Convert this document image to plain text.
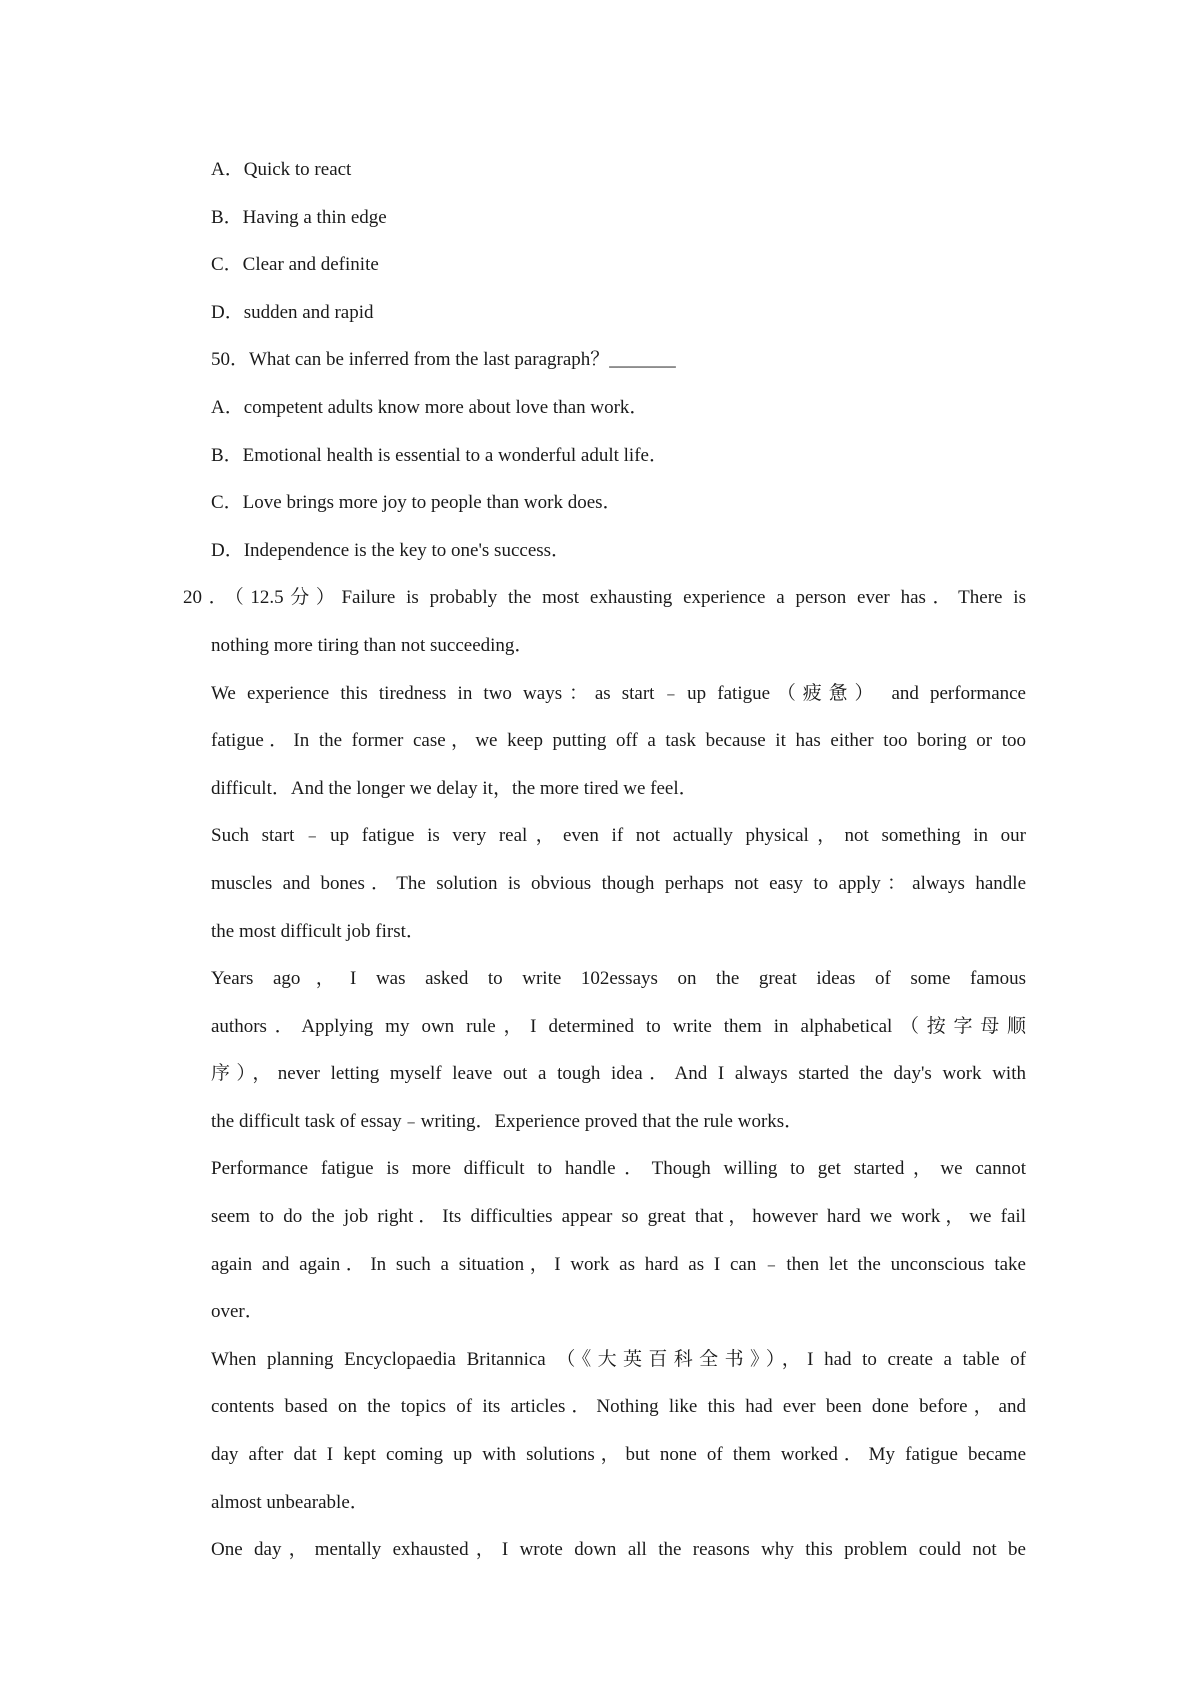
A．Quick to react
B．Having a thin edge
C．Clear and definite
D．sudden and rapid
50．What can be inferred from the last paragraph？_______
A．competent adults know more about love than work．
B．Emotional health is essential to a wonderful adult life．
C．Love brings more joy to people than work does．
D．Independence is the key to one's success．
20．（12.5分）Failure is probably the most exhausting experience a person ever has．There is
nothing more tiring than not succeeding．
We experience this tiredness in two ways：as start﹣up fatigue（疲惫） and performance
fatigue．In the former case，we keep putting off a task because it has either too boring or too
difficult．And the longer we delay it，the more tired we feel．
Such start﹣up fatigue is very real，even if not actually physical，not something in our
muscles and bones．The solution is obvious though perhaps not easy to apply：always handle
the most difficult job first．
Years ago，I was asked to write 102essays on the great ideas of some famous
authors．Applying my own rule，I determined to write them in alphabetical（按字母顺
序），never letting myself leave out a tough idea．And I always started the day's work with
the difficult task of essay﹣writing．Experience proved that the rule works．
Performance fatigue is more difficult to handle．Though willing to get started，we cannot
seem to do the job right．Its difficulties appear so great that，however hard we work，we fail
again and again．In such a situation，I work as hard as I can﹣then let the unconscious take
over．
When planning Encyclopaedia Britannica （《大英百科全书》），I had to create a table of
contents based on the topics of its articles．Nothing like this had ever been done before，and
day after dat I kept coming up with solutions，but none of them worked．My fatigue became
almost unbearable．
One day，mentally exhausted，I wrote down all the reasons why this problem could not be
